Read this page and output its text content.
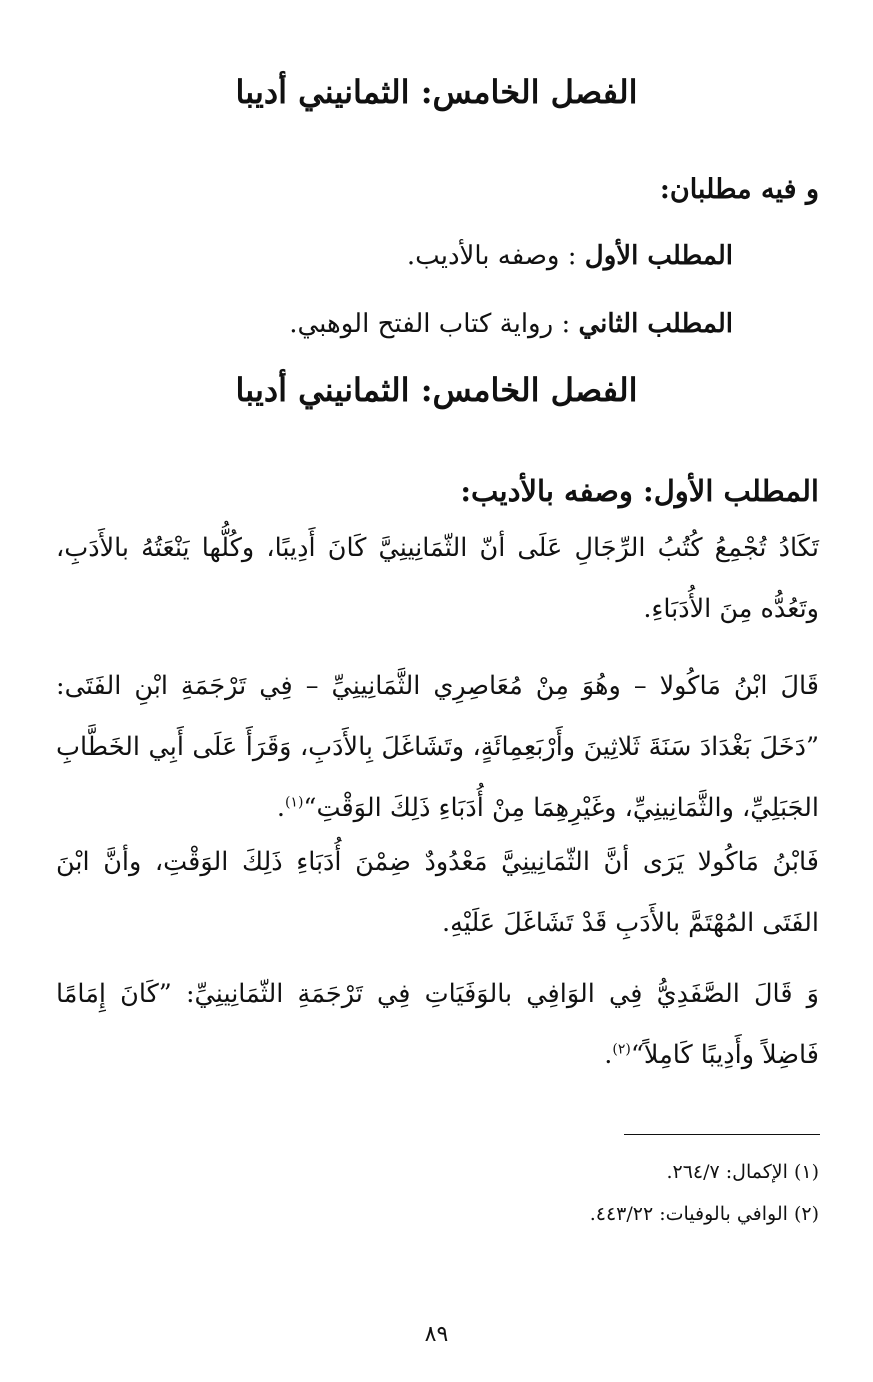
الفصل الخامس: الثمانيني أديبا
و فيه مطلبان:
المطلب الأول : وصفه بالأديب.
المطلب الثاني : رواية كتاب الفتح الوهبي.
الفصل الخامس: الثمانيني أديبا
المطلب الأول: وصفه بالأديب:
تَكَادُ تُجْمِعُ كُتُبُ الرِّجَالِ عَلَى أنّ الثّمَانِينِيَّ كَانَ أَدِيبًا، وكُلُّها يَنْعَتُهُ بالأَدَبِ، وتَعُدُّه مِنَ الأُدَبَاءِ.
قَالَ ابْنُ مَاكُولا – وهُوَ مِنْ مُعَاصِرِي الثَّمَانِينِيِّ – فِي تَرْجَمَةِ ابْنِ الفَتَى: ”دَخَلَ بَغْدَادَ سَنَةَ ثَلاثِينَ وأَرْبَعِمِائَةٍ، وتَشَاغَلَ بِالأَدَبِ، وَقَرَأَ عَلَى أَبِي الخَطَّابِ الجَبَلِيِّ، والثَّمَانِينِيِّ، وغَيْرِهِمَا مِنْ أُدَبَاءِ ذَلِكَ الوَقْتِ“$^{(١)}$.
فَابْنُ مَاكُولا يَرَى أنَّ الثّمَانِينِيَّ مَعْدُودٌ ضِمْنَ أُدَبَاءِ ذَلِكَ الوَقْتِ، وأنَّ ابْنَ الفَتَى المُهْتَمَّ بالأَدَبِ قَدْ تَشَاغَلَ عَلَيْهِ.
وَ قَالَ الصَّفَدِيُّ فِي الوَافِي بالوَفَيَاتِ فِي تَرْجَمَةِ الثّمَانِينِيِّ: ”كَانَ إِمَامًا فَاضِلاً وأَدِيبًا كَامِلاً“$^{(٢)}$.
(١) الإكمال: ٢٦٤/٧.
(٢) الوافي بالوفيات: ٤٤٣/٢٢.
٨٩
